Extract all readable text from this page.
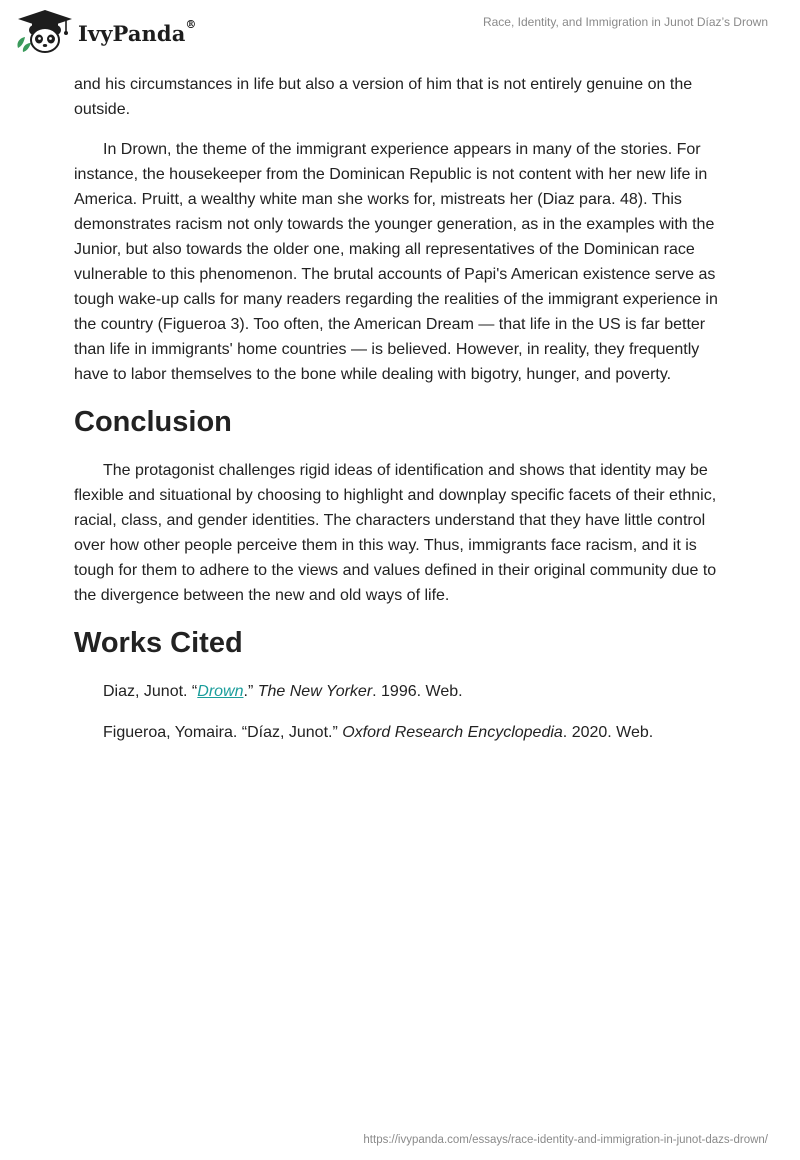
IvyPanda®	Race, Identity, and Immigration in Junot Díaz’s Drown

and his circumstances in life but also a version of him that is not entirely genuine on the outside.

In Drown, the theme of the immigrant experience appears in many of the stories. For instance, the housekeeper from the Dominican Republic is not content with her new life in America. Pruitt, a wealthy white man she works for, mistreats her (Diaz para. 48). This demonstrates racism not only towards the younger generation, as in the examples with the Junior, but also towards the older one, making all representatives of the Dominican race vulnerable to this phenomenon. The brutal accounts of Papi's American existence serve as tough wake-up calls for many readers regarding the realities of the immigrant experience in the country (Figueroa 3). Too often, the American Dream — that life in the US is far better than life in immigrants' home countries — is believed. However, in reality, they frequently have to labor themselves to the bone while dealing with bigotry, hunger, and poverty.

Conclusion

The protagonist challenges rigid ideas of identification and shows that identity may be flexible and situational by choosing to highlight and downplay specific facets of their ethnic, racial, class, and gender identities. The characters understand that they have little control over how other people perceive them in this way. Thus, immigrants face racism, and it is tough for them to adhere to the views and values defined in their original community due to the divergence between the new and old ways of life.

Works Cited
Diaz, Junot. “Drown.” The New Yorker. 1996. Web.
Figueroa, Yomaira. “Díaz, Junot.” Oxford Research Encyclopedia. 2020. Web.
https://ivypanda.com/essays/race-identity-and-immigration-in-junot-dazs-drown/
